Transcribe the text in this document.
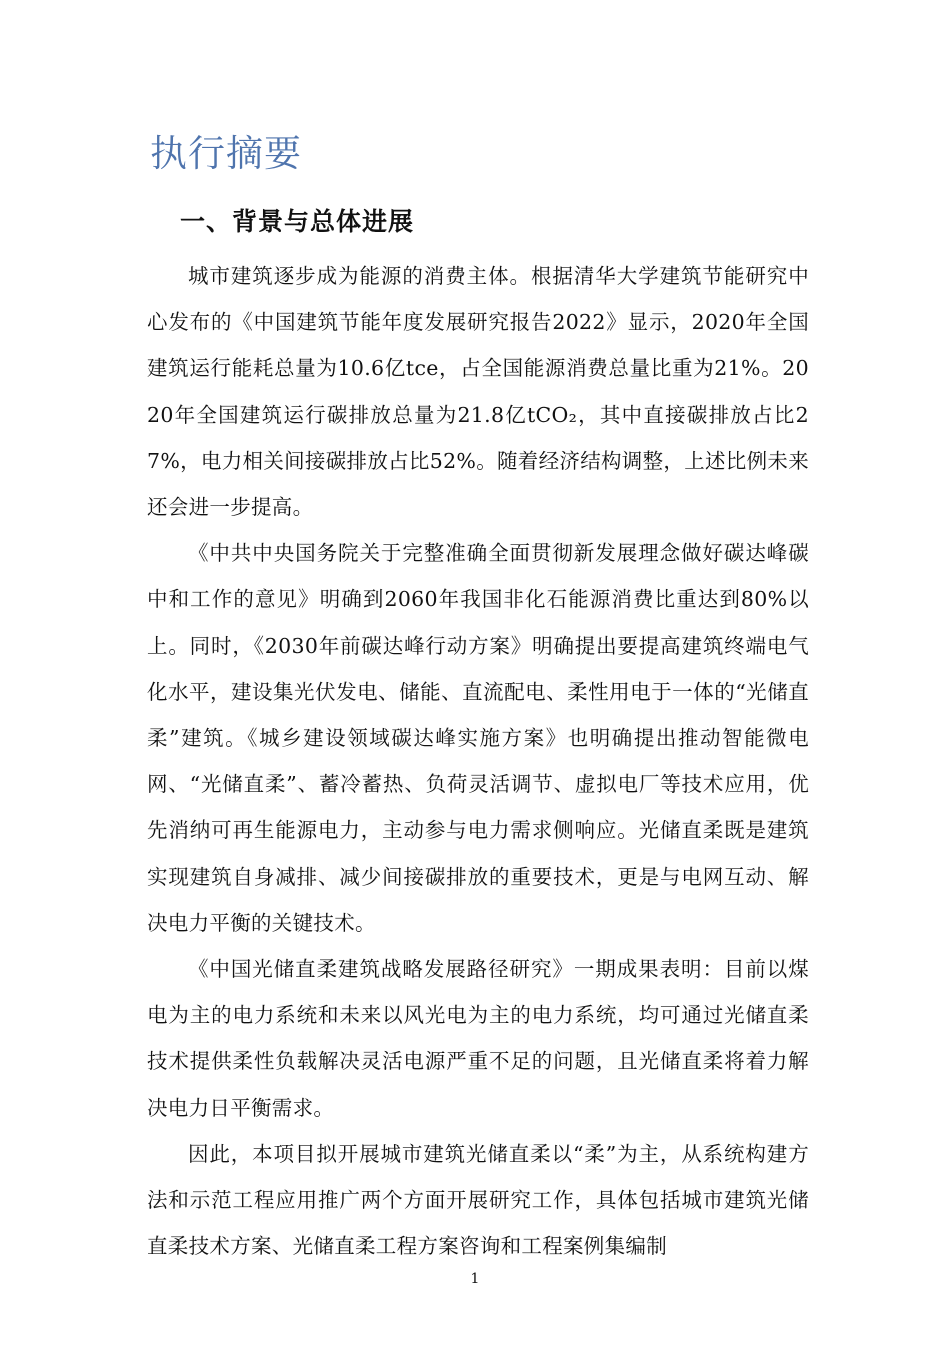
执行摘要
一、背景与总体进展

城市建筑逐步成为能源的消费主体。根据清华大学建筑节能研究中心发布的《中国建筑节能年度发展研究报告2022》显示，2020年全国建筑运行能耗总量为10.6亿tce，占全国能源消费总量比重为21%。2020年全国建筑运行碳排放总量为21.8亿tCO₂，其中直接碳排放占比27%，电力相关间接碳排放占比52%。随着经济结构调整，上述比例未来还会进一步提高。

《中共中央国务院关于完整准确全面贯彻新发展理念做好碳达峰碳中和工作的意见》明确到2060年我国非化石能源消费比重达到80%以上。同时，《2030年前碳达峰行动方案》明确提出要提高建筑终端电气化水平，建设集光伏发电、储能、直流配电、柔性用电于一体的“光储直柔”建筑。《城乡建设领域碳达峰实施方案》也明确提出推动智能微电网、“光储直柔”、蓄冷蓄热、负荷灵活调节、虚拟电厂等技术应用，优先消纳可再生能源电力，主动参与电力需求侧响应。光储直柔既是建筑实现建筑自身减排、减少间接碳排放的重要技术，更是与电网互动、解决电力平衡的关键技术。

《中国光储直柔建筑战略发展路径研究》一期成果表明：目前以煤电为主的电力系统和未来以风光电为主的电力系统，均可通过光储直柔技术提供柔性负载解决灵活电源严重不足的问题，且光储直柔将着力解决电力日平衡需求。

因此，本项目拟开展城市建筑光储直柔以“柔”为主，从系统构建方法和示范工程应用推广两个方面开展研究工作，具体包括城市建筑光储直柔技术方案、光储直柔工程方案咨询和工程案例集编制

1
